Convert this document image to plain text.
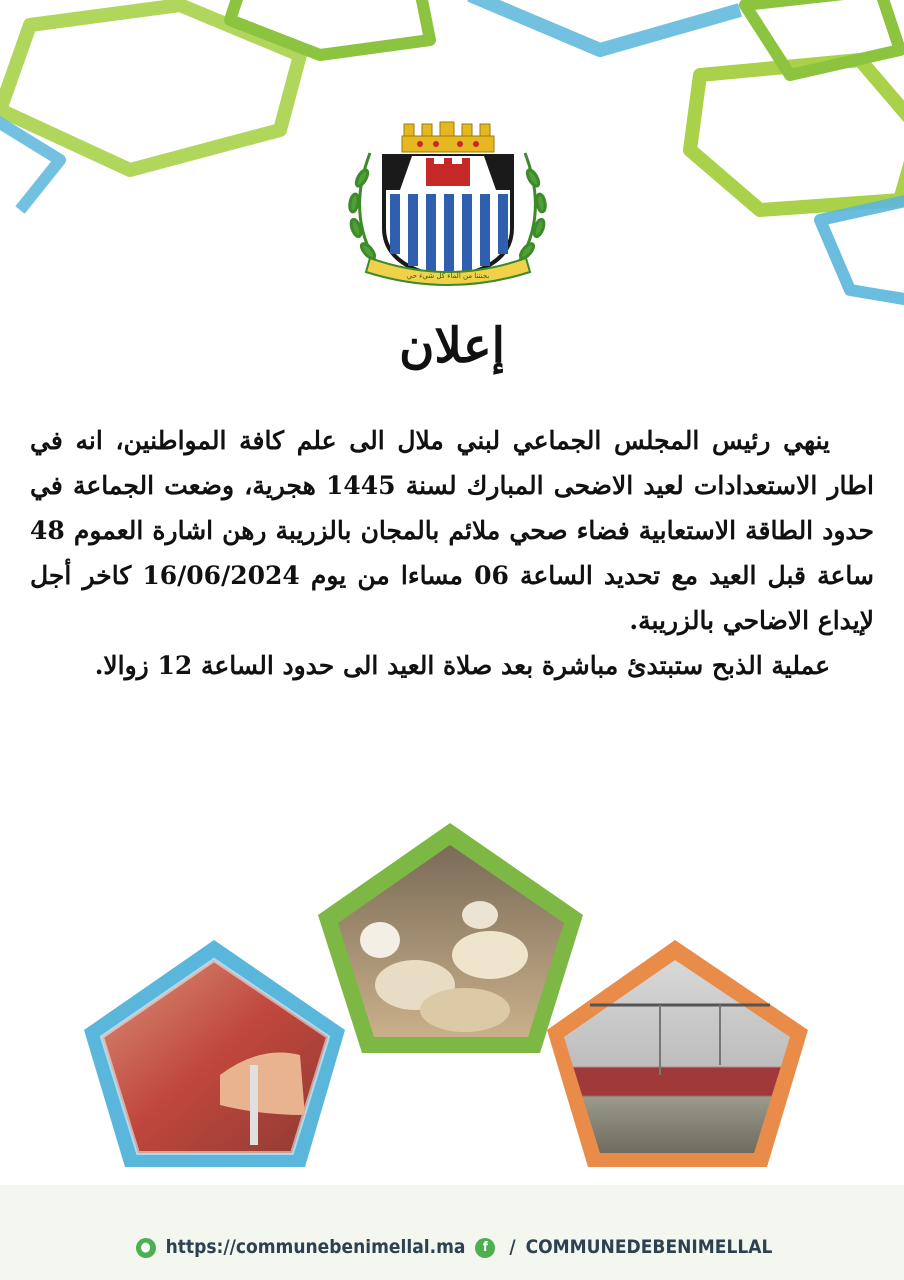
بجنتنا من الماء كل شيء حي
إعلان

ينهي رئيس المجلس الجماعي لبني ملال الى علم كافة المواطنين، انه في اطار الاستعدادات لعيد الاضحى المبارك لسنة 1445 هجرية، وضعت الجماعة في حدود الطاقة الاستعابية فضاء صحي ملائم بالمجان بالزريبة رهن اشارة العموم 48 ساعة قبل العيد مع تحديد الساعة 06 مساءا من يوم 16/06/2024 كاخر أجل لإيداع الاضاحي بالزريبة.

عملية الذبح ستبتدئ مباشرة بعد صلاة العيد الى حدود الساعة 12 زوالا.

● https://communebenimellal.ma f / COMMUNEDEBENIMELLAL
